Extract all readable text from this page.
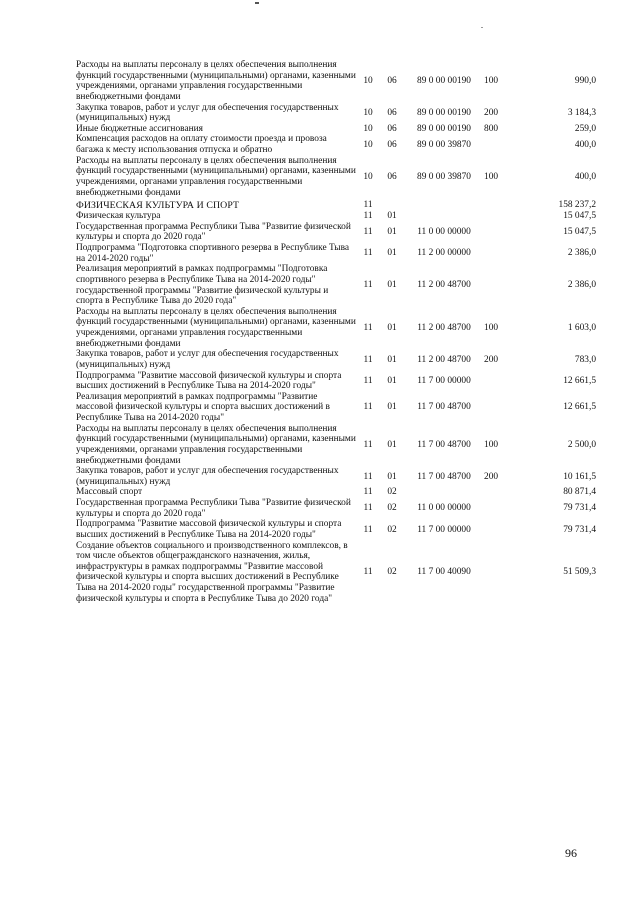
Расходы на выплаты персоналу в целях обеспечения выполнения функций государственными (муниципальными) органами, казенными учреждениями, органами управления государственными внебюджетными фондами	10	06	89 0 00 00190	100	990,0
Закупка товаров, работ и услуг для обеспечения государственных (муниципальных) нужд	10	06	89 0 00 00190	200	3 184,3
Иные бюджетные ассигнования	10	06	89 0 00 00190	800	259,0
Компенсация расходов на оплату стоимости проезда и провоза багажа к месту использования отпуска и обратно	10	06	89 0 00 39870		400,0
Расходы на выплаты персоналу в целях обеспечения выполнения функций государственными (муниципальными) органами, казенными учреждениями, органами управления государственными внебюджетными фондами	10	06	89 0 00 39870	100	400,0
ФИЗИЧЕСКАЯ КУЛЬТУРА И СПОРТ	11				158 237,2
Физическая культура	11	01			15 047,5
Государственная программа Республики Тыва "Развитие физической культуры и спорта до 2020 года"	11	01	11 0 00 00000		15 047,5
Подпрограмма "Подготовка спортивного резерва в Республике Тыва на 2014-2020 годы"	11	01	11 2 00 00000		2 386,0
Реализация мероприятий в рамках подпрограммы "Подготовка спортивного резерва в Республике Тыва на 2014-2020 годы" государственной программы "Развитие физической культуры и спорта в Республике Тыва до 2020 года"	11	01	11 2 00 48700		2 386,0
Расходы на выплаты персоналу в целях обеспечения выполнения функций государственными (муниципальными) органами, казенными учреждениями, органами управления государственными внебюджетными фондами	11	01	11 2 00 48700	100	1 603,0
Закупка товаров, работ и услуг для обеспечения государственных (муниципальных) нужд	11	01	11 2 00 48700	200	783,0
Подпрограмма "Развитие массовой физической культуры и спорта высших достижений в Республике Тыва на 2014-2020 годы"	11	01	11 7 00 00000		12 661,5
Реализация мероприятий в рамках подпрограммы "Развитие массовой физической культуры и спорта высших достижений в Республике Тыва на 2014-2020 годы"	11	01	11 7 00 48700		12 661,5
Расходы на выплаты персоналу в целях обеспечения выполнения функций государственными (муниципальными) органами, казенными учреждениями, органами управления государственными внебюджетными фондами	11	01	11 7 00 48700	100	2 500,0
Закупка товаров, работ и услуг для обеспечения государственных (муниципальных) нужд	11	01	11 7 00 48700	200	10 161,5
Массовый спорт	11	02			80 871,4
Государственная программа Республики Тыва "Развитие физической культуры и спорта до 2020 года"	11	02	11 0 00 00000		79 731,4
Подпрограмма "Развитие массовой физической культуры и спорта высших достижений в Республике Тыва на 2014-2020 годы"	11	02	11 7 00 00000		79 731,4
Создание объектов социального и производственного комплексов, в том числе объектов общегражданского назначения, жилья, инфраструктуры в рамках подпрограммы "Развитие массовой физической культуры и спорта высших достижений в Республике Тыва на 2014-2020 годы" государственной программы "Развитие физической культуры и спорта в Республике Тыва до 2020 года"	11	02	11 7 00 40090		51 509,3
96
